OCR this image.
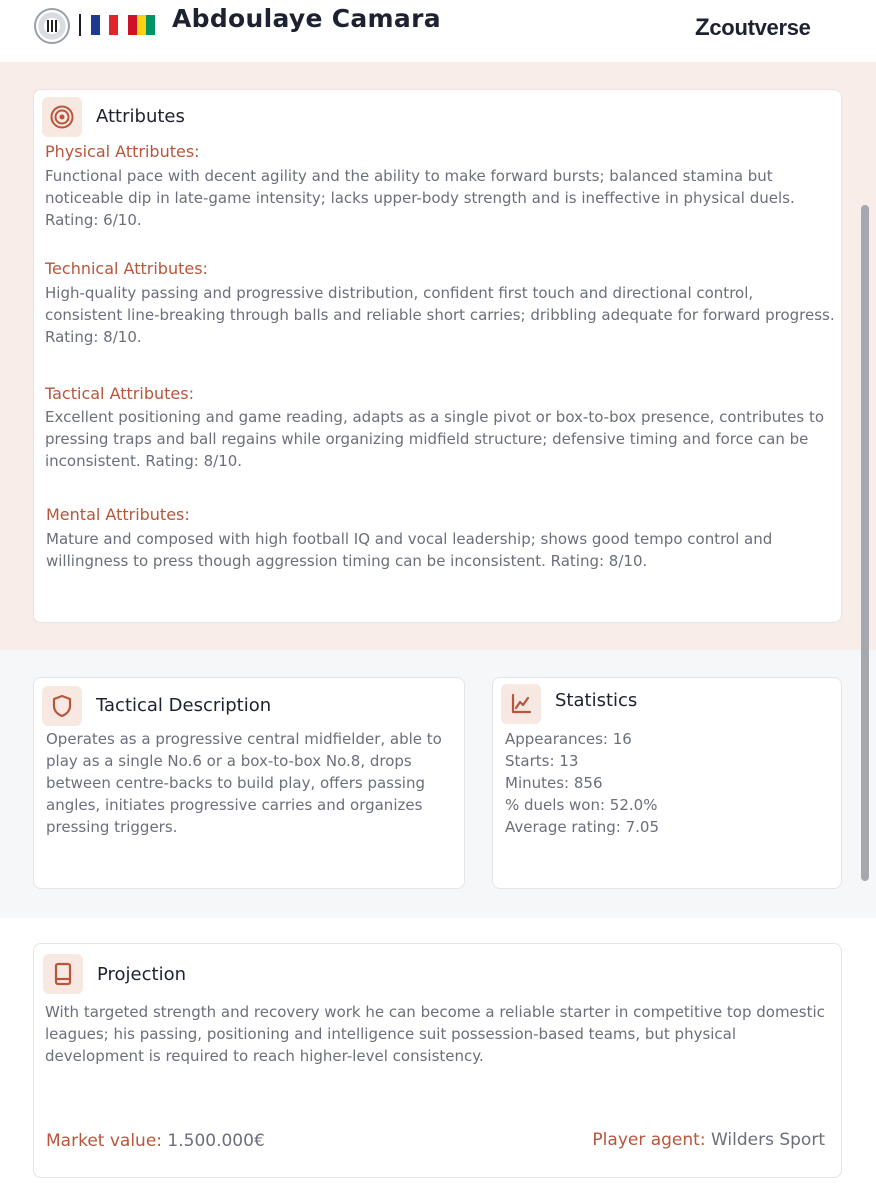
Abdoulaye Camara	Zcoutverse
Attributes
Physical Attributes:
Functional pace with decent agility and the ability to make forward bursts; balanced stamina but noticeable dip in late-game intensity; lacks upper-body strength and is ineffective in physical duels. Rating: 6/10.
Technical Attributes:
High-quality passing and progressive distribution, confident first touch and directional control, consistent line-breaking through balls and reliable short carries; dribbling adequate for forward progress. Rating: 8/10.
Tactical Attributes:
Excellent positioning and game reading, adapts as a single pivot or box-to-box presence, contributes to pressing traps and ball regains while organizing midfield structure; defensive timing and force can be inconsistent. Rating: 8/10.
Mental Attributes:
Mature and composed with high football IQ and vocal leadership; shows good tempo control and willingness to press though aggression timing can be inconsistent. Rating: 8/10.
Tactical Description
Operates as a progressive central midfielder, able to play as a single No.6 or a box-to-box No.8, drops between centre-backs to build play, offers passing angles, initiates progressive carries and organizes pressing triggers.
Statistics
Appearances: 16
Starts: 13
Minutes: 856
% duels won: 52.0%
Average rating: 7.05
Projection
With targeted strength and recovery work he can become a reliable starter in competitive top domestic leagues; his passing, positioning and intelligence suit possession-based teams, but physical development is required to reach higher-level consistency.
Market value: 1.500.000€	Player agent: Wilders Sport
